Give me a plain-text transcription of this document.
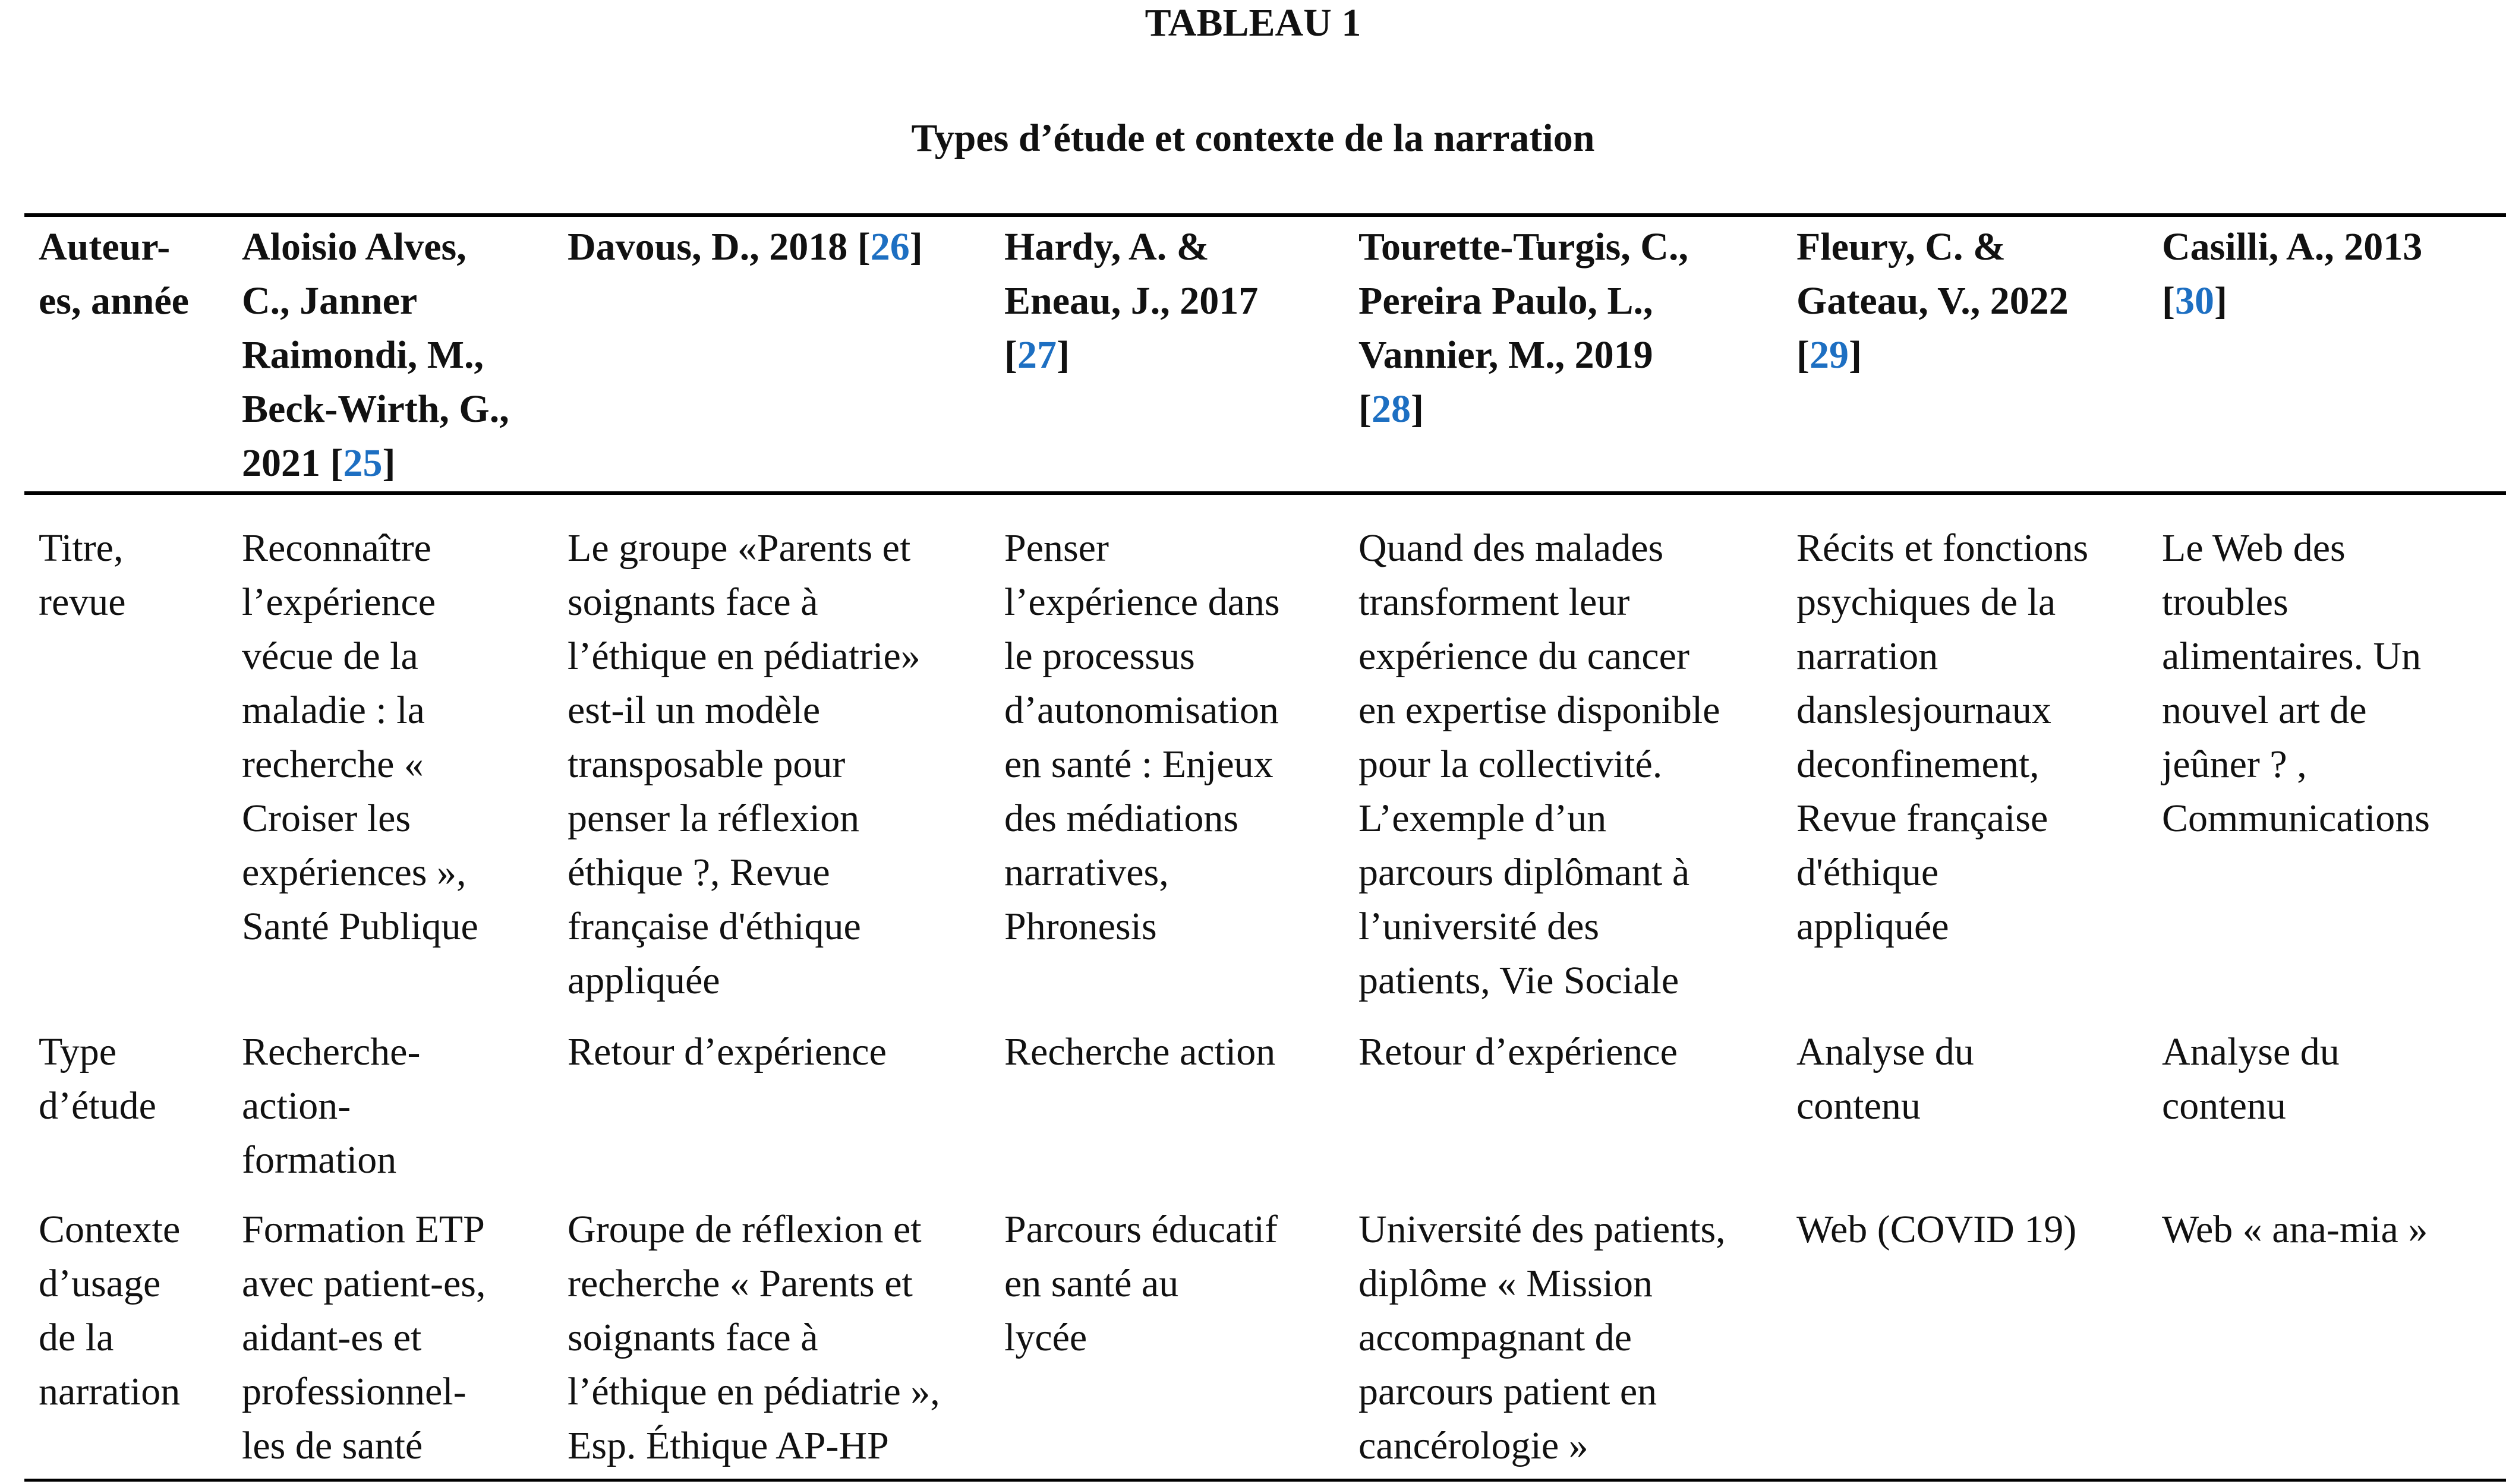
TABLEAU 1
Types d’étude et contexte de la narration

Auteur-
es, année

Aloisio Alves,
C., Janner
Raimondi, M.,
Beck-Wirth, G.,
2021 [25]

Davous, D., 2018 [26] Hardy, A. &
Eneau, J., 2017
[27]

Tourette-Turgis, C.,
Pereira Paulo, L.,
Vannier, M., 2019
[28]

Fleury, C. &
Gateau, V., 2022
[29]

Casilli, A., 2013
[30]

Titre,
revue

Reconnaître
l’expérience
vécue de la
maladie : la
recherche «
Croiser les
expériences »,
Santé Publique

Le groupe «Parents et
soignants face à
l’éthique en pédiatrie»
est-il un modèle
transposable pour
penser la réflexion
éthique ?, Revue
française d'éthique
appliquée

Penser
l’expérience dans
le processus
d’autonomisation
en santé : Enjeux
des médiations
narratives,
Phronesis

Quand des malades
transforment leur
expérience du cancer
en expertise disponible
pour la collectivité.
L’exemple d’un
parcours diplômant à
l’université des
patients, Vie Sociale

Récits et fonctions
psychiques de la
narration
danslesjournaux
deconfinement,
Revue française
d'éthique
appliquée

Le Web des
troubles
alimentaires. Un
nouvel art de
jeûner ? ,
Communications

Type
d’étude

Recherche-
action-
formation

Retour d’expérience	Recherche action Retour d’expérience	Analyse du
contenu

Analyse du
contenu

Contexte
d’usage
de la
narration

Formation ETP
avec patient-es,
aidant-es et
professionnel-
les de santé

Groupe de réflexion et
recherche « Parents et
soignants face à
l’éthique en pédiatrie »,
Esp. Éthique AP-HP

Parcours éducatif
en santé au
lycée

Université des patients,
diplôme « Mission
accompagnant de
parcours patient en
cancérologie »

Web (COVID 19) Web « ana-mia »
